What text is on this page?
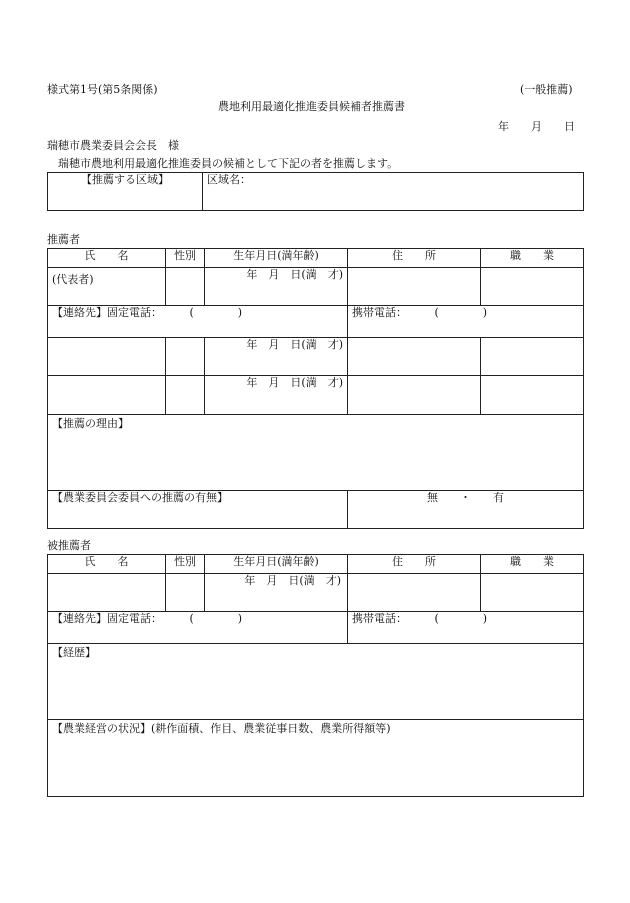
様式第1号(第5条関係)	(一般推薦)
農地利用最適化推進委員候補者推薦書
年　　月　　日
瑞穂市農業委員会会長　様
瑞穂市農地利用最適化推進委員の候補として下記の者を推薦します。
【推薦する区域】	区域名：
推薦者
氏　　名	性別	生年月日(満年齢)	住　　所	職　　業
(代表者)		年　月　日(満　才)		
【連絡先】固定電話：　　　(　　　　)			携帯電話：　　　(　　　　)	
		年　月　日(満　才)		
		年　月　日(満　才)		
【推薦の理由】				
【農業委員会委員への推薦の有無】			無　　・　　有	
被推薦者
氏　　名	性別	生年月日(満年齢)	住　　所	職　　業
		年　月　日(満　才)		
【連絡先】固定電話：　　　(　　　　)			携帯電話：　　　(　　　　)	
【経歴】				
【農業経営の状況】(耕作面積、作目、農業従事日数、農業所得額等)				
